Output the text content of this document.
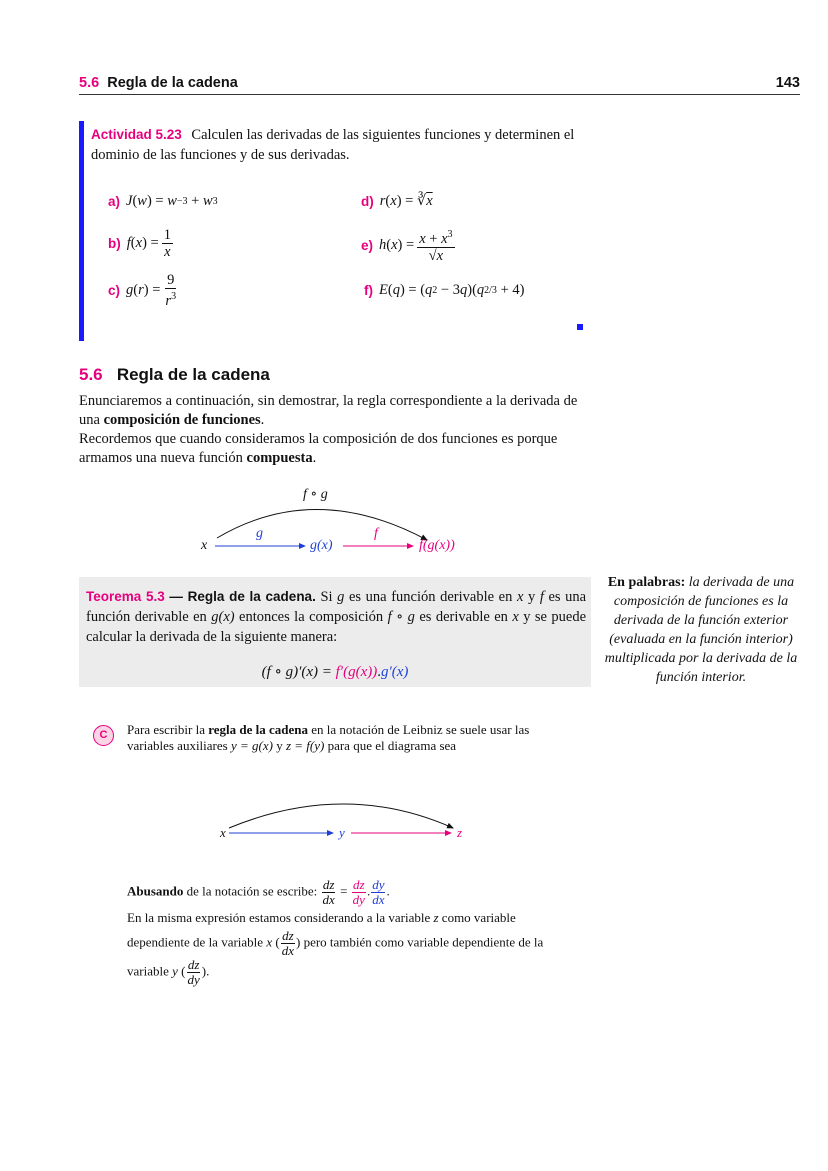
5.6 Regla de la cadena	143
Actividad 5.23 Calculen las derivadas de las siguientes funciones y determinen el dominio de las funciones y de sus derivadas.
a) J ( w ) = w −3 + w 3
b) f ( x ) = $\frac{1}{x}$
c) g ( r ) = $\frac{9}{r^3}$
d) r ( x ) = ∛ $\overline{x}$
e) h ( x ) = $\frac{x + x^3}{√x}$
f) E ( q ) = ( q 2 − 3 q )( q 2/3 + 4)
5.6 Regla de la cadena
Enunciaremos a continuación, sin demostrar, la regla correspondiente a la derivada de una composición de funciones.
Recordemos que cuando consideramos la composición de dos funciones es porque armamos una nueva función compuesta.
x
g
g(x)
f
f(g(x))
f ∘ g
Teorema 5.3 — Regla de la cadena. Si g es una función derivable en x y f es una función derivable en g(x) entonces la composición f ∘ g es derivable en x y se puede calcular la derivada de la siguiente manera:
(f ∘ g)′(x) = f′(g(x)).g′(x)
En palabras: la derivada de una composición de funciones es la derivada de la función exterior (evaluada en la función interior) multiplicada por la derivada de la función interior.
C	Para escribir la regla de la cadena en la notación de Leibniz se suele usar las variables auxiliares y = g(x) y z = f(y) para que el diagrama sea
x	y	z
Abusando de la notación se escribe: $\frac{dz}{dx} = \frac{dz}{dy}$ . $\frac{dy}{dx}$ .
En la misma expresión estamos considerando a la variable z como variable dependiente de la variable x ( $\frac{dz}{dx}$ ) pero también como variable dependiente de la variable y ( $\frac{dz}{dy}$ ).
